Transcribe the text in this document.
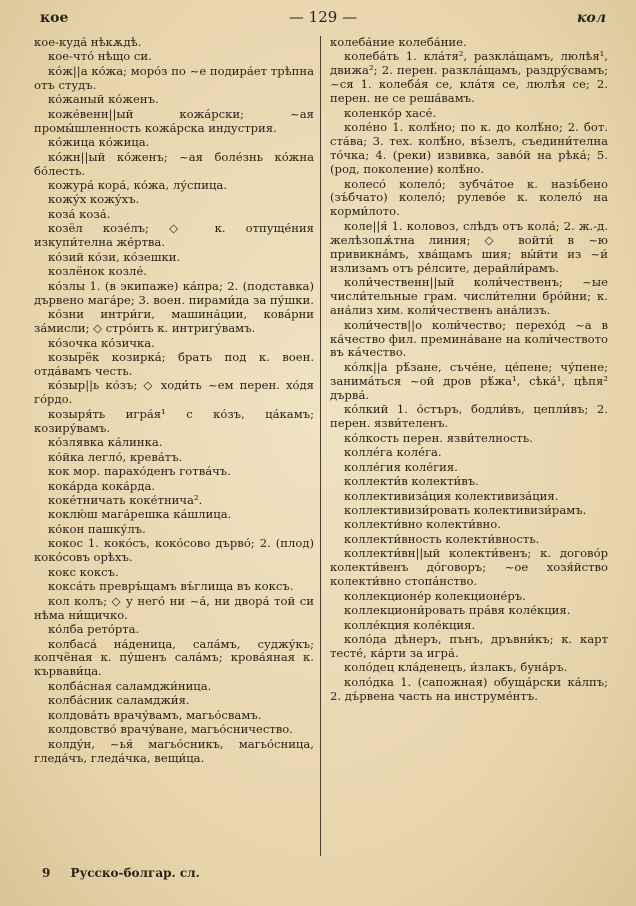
кое	— 129 —	кол

кое-куда́ нѣкѫдѣ.

кое-что́ нѣщо си.

ко́ж||а ко́жа; моро́з по ~е подира́ет трѣпна отъ студъ.

ко́жаный ко́женъ.

коже́венн||ый кожа́рски; ~ая промы́шленность кожа́рска индустрия.

ко́жица ко́жица.

ко́жн||ый ко́женъ; ~ая боле́знь ко́жна бо́лесть.

кожура́ кора́, ко́жа, лу́спица.

кожу́х кожу́хъ.

коза́ коза́.

козёл козе́лъ; ◇ к. отпуще́ния изкупи́телна же́ртва.

ко́зий ко́зи, ко́зешки.

козлёнок козле́.

ко́злы 1. (в экипаже) ка́пра; 2. (подставка) дървено мага́ре; 3. воен. пирами́да за пу́шки.

ко́зни интри́ги, машина́ции, кова́рни за́мисли; ◇ стро́ить к. интригу́вамъ.

ко́зочка ко́зичка.

козырёк козирка́; брать под к. воен. отда́вамъ честь.

ко́зыр||ь ко́зъ; ◇ ходи́ть ~ем перен. хо́дя го́рдо.

козыря́ть игра́я¹ с ко́зъ, ца́камъ; козиру́вамъ.

ко́злявка ка́линка.

ко́йка легло́, крева́тъ.

кок мор. парахо́денъ готва́чъ.

кока́рда кока́рда.

коке́тничать коке́тнича².

коклю́ш мага́решка ка́шлица.

ко́кон пашку́лъ.

кокос 1. коко́съ, коко́сово дърво́; 2. (плод) коко́совъ орѣхъ.

кокс коксъ.

кокса́ть превръ́щамъ въ́глища въ коксъ.

кол колъ; ◇ у него́ ни ~а́, ни двора́ той си нѣма ни́щичко.

ко́лба рето́рта.

колбаса́ на́деница, сала́мъ, суджу́къ; копчёная к. пу́шенъ сала́мъ; крова́яная к. кървави́ца.

колба́сная саламджи́ница.

колба́сник саламджи́я.

колдова́ть врачу́вамъ, магьо́свамъ.

колдовство́ врачу́ване, магьо́сничество.

колду́н, ~ья́ магьо́сникъ, магьо́сница, гледа́чъ, гледа́чка, вещи́ца.

колеба́ние колеба́ние.

колеба́ть 1. кла́тя², разкла́щамъ, люлѣя¹, движа²; 2. перен. разкла́щамъ, раздру́свамъ; ~ся 1. колеба́я се, кла́тя се, люлѣя се; 2. перен. не се реша́вамъ.

коленко́р хасе́.

коле́но 1. колѣ́но; по к. до колѣ́но; 2. бот. ста́ва; 3. тех. колѣ́но, въ́зелъ, съедини́телна то́чка; 4. (реки) извивка, заво́й на рѣка́; 5. (род, поколение) колѣ́но.

колесо́ колело́; зубча́тое к. назъ́бено (зъ́бчато) колело́; рулево́е к. колело́ на корми́лото.

коле||я́ 1. коловоз, слѣдъ отъ кола́; 2. ж.-д. желѣзопѫ́тна линия; ◇ войти́ в ~ю привикна́мъ, хва́щамъ шия; вы́йти из ~и́ излизамъ отъ ре́лсите, дерайли́рамъ.

коли́чественн||ый коли́чественъ; ~ые числи́тельные грам. числи́телни бро́йни; к. ана́лиз хим. коли́чественъ ана́лизъ.

коли́честв||о коли́чество; перехо́д ~а в ка́чество фил. премина́ване на коли́чеството въ ка́чество.

ко́лк||а рѣ́зане, съче́не, це́пене; чу́пене; занима́ться ~ой дров рѣ́жа¹, сѣка́¹, цѣпя² дърва́.

ко́лкий 1. о́стъръ, бодли́въ, цепли́въ; 2. перен. язви́теленъ.

ко́лкость перен. язви́телность.

колле́га коле́га.

колле́гия коле́гия.

коллекти́в колекти́въ.

коллективиза́ция колективиза́ция.

коллективизи́ровать колективизи́рамъ.

коллекти́вно колекти́вно.

коллекти́вность колекти́вность.

коллекти́вн||ый колекти́венъ; к. догово́р колекти́венъ до́говоръ; ~ое хозя́йство колекти́вно стопа́нство.

коллекционе́р колекционе́ръ.

коллекциони́ровать пра́вя коле́кция.

колле́кция коле́кция.

коло́да дѣнеръ, пънъ, дръвни́къ; к. карт тесте́, ка́рти за игра́.

коло́дец кла́денецъ, и́злакъ, буна́ръ.

коло́дка 1. (сапожная) обуща́рски ка́лпъ; 2. дъ́рвена часть на инструме́нтъ.

9 Русско-болгар. сл.
